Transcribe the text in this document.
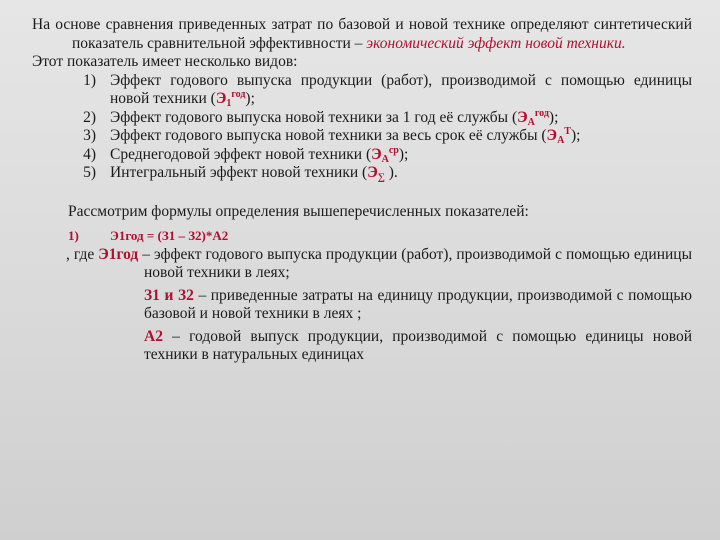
На основе сравнения приведенных затрат по базовой и новой технике определяют синтетический показатель сравнительной эффективности – экономический эффект новой техники.

Этот показатель имеет несколько видов:

1) Эффект годового выпуска продукции (работ), производимой с помощью единицы новой техники $(Э_1^{год})$;
2) Эффект годового выпуска новой техники за 1 год её службы $(Э_А^{год})$;
3) Эффект годового выпуска новой техники за весь срок её службы $(Э_А^Т)$;
4) Среднегодовой эффект новой техники $(Э_А^{ср})$;
5) Интегральный эффект новой техники ($Э_\sum$ ).

Рассмотрим формулы определения вышеперечисленных показателей:

1)	Э1год = (З1 – З2)*А2

, где Э1год – эффект годового выпуска продукции (работ), производимой с помощью единицы новой техники в леях;

З1 и З2 – приведенные затраты на единицу продукции, производимой с помощью базовой и новой техники в леях ;

А2 – годовой выпуск продукции, производимой с помощью единицы новой техники в натуральных единицах
